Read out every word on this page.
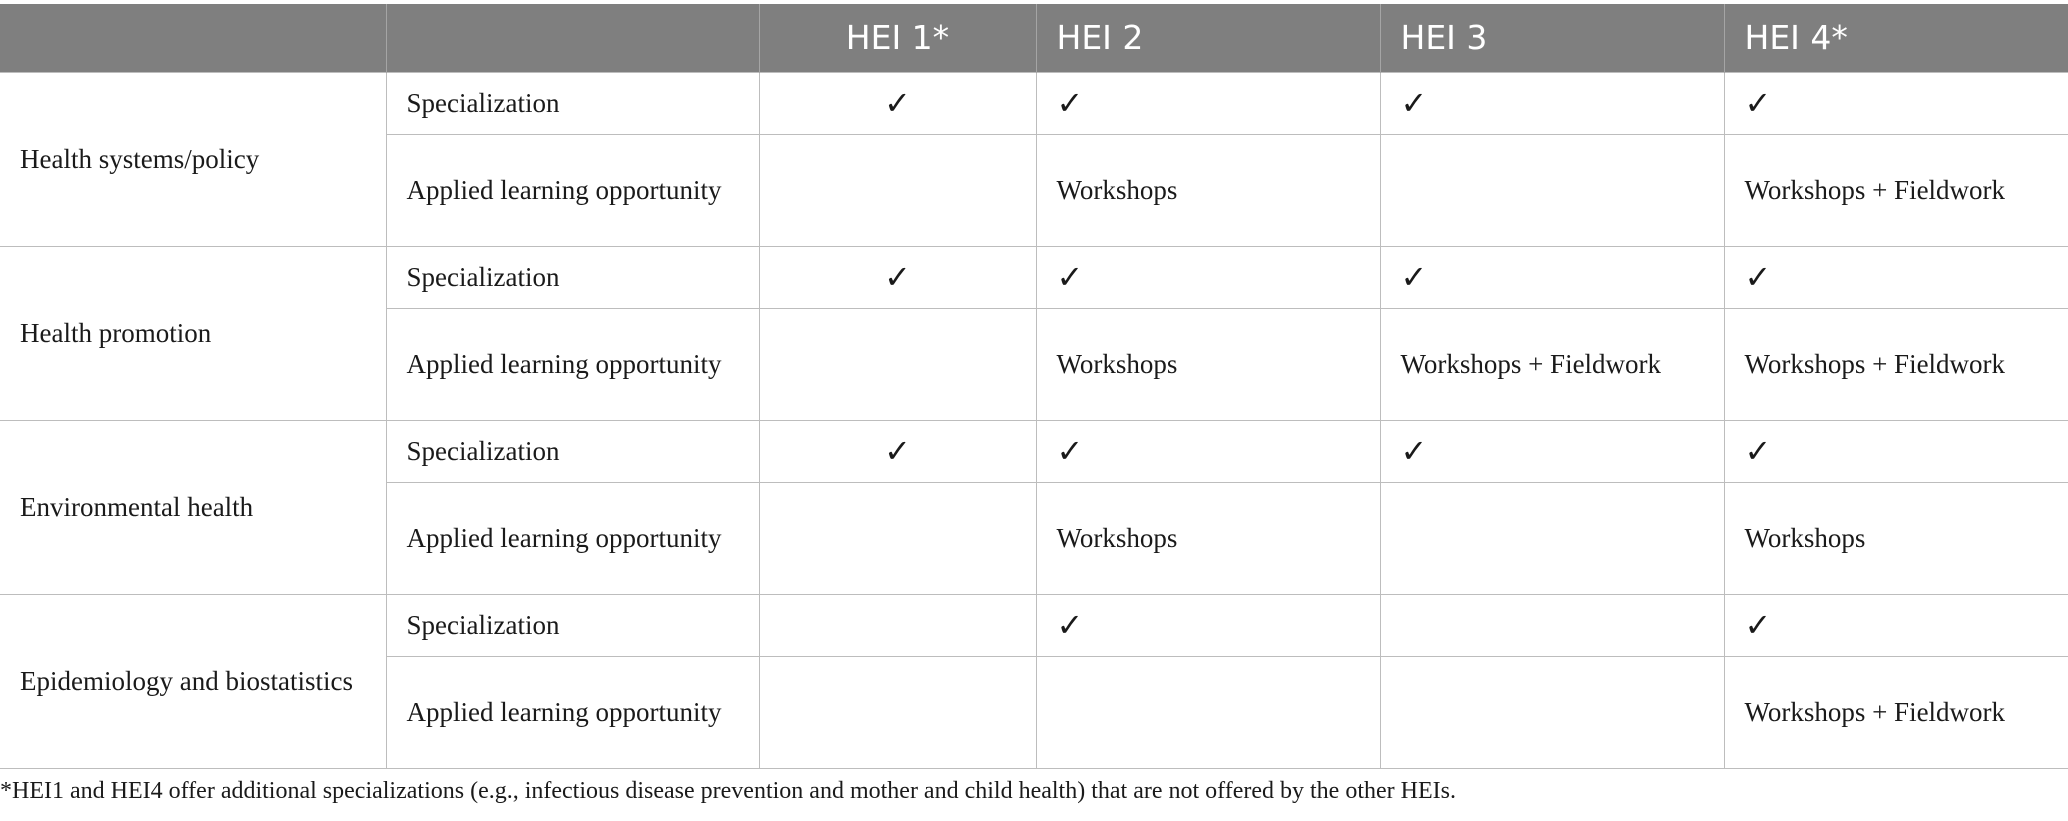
		HEI 1*	HEI 2	HEI 3	HEI 4*
Health systems/policy	Specialization	✓	✓	✓	✓
	Applied learning opportunity		Workshops		Workshops + Fieldwork
Health promotion	Specialization	✓	✓	✓	✓
	Applied learning opportunity		Workshops	Workshops + Fieldwork	Workshops + Fieldwork
Environmental health	Specialization	✓	✓	✓	✓
	Applied learning opportunity		Workshops		Workshops
Epidemiology and biostatistics	Specialization		✓		✓
	Applied learning opportunity				Workshops + Fieldwork
*HEI1 and HEI4 offer additional specializations (e.g., infectious disease prevention and mother and child health) that are not offered by the other HEIs.
